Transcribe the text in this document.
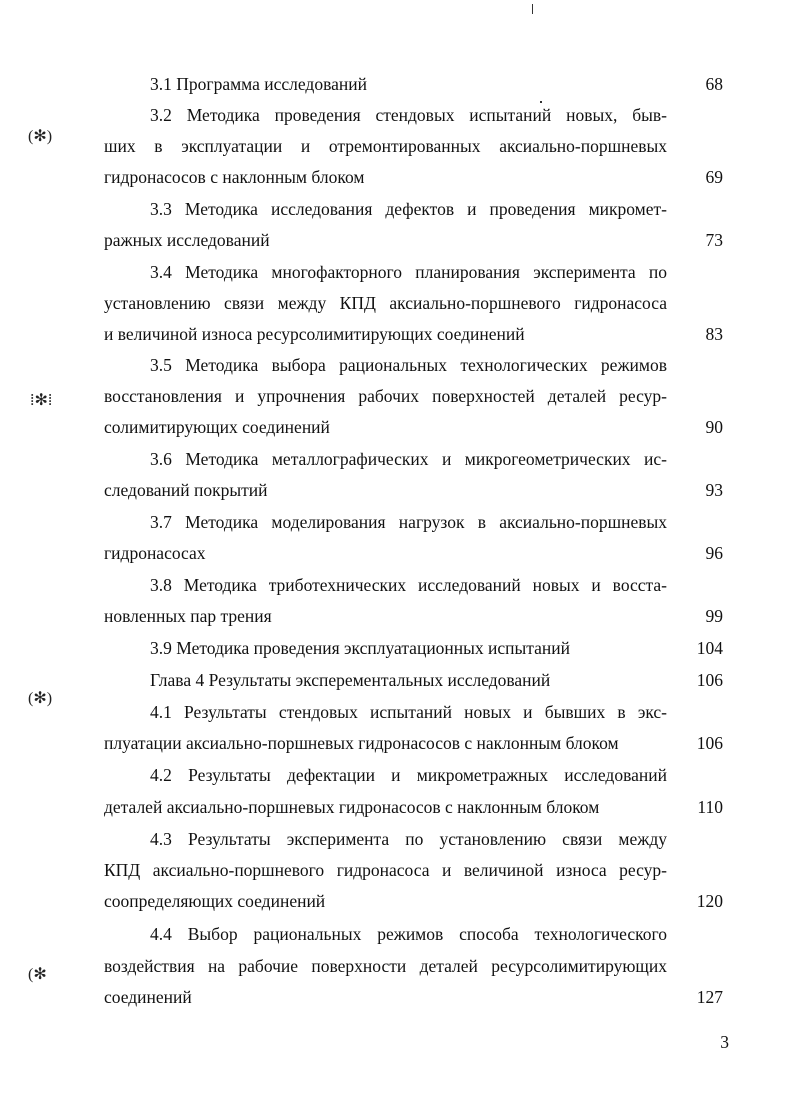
3.1 Программа исследований	68
3.2 Методика проведения стендовых испытаний новых, быв-
ших в эксплуатации и отремонтированных аксиально-поршневых
гидронасосов с наклонным блоком	69
3.3 Методика исследования дефектов и проведения микромет-
ражных исследований	73
3.4 Методика многофакторного планирования эксперимента по
установлению связи между КПД аксиально-поршневого гидронасоса
и величиной износа ресурсолимитирующих соединений	83
3.5 Методика выбора рациональных технологических режимов
восстановления и упрочнения рабочих поверхностей деталей ресур-
солимитирующих соединений	90
3.6 Методика металлографических и микрогеометрических ис-
следований покрытий	93
3.7 Методика моделирования нагрузок в аксиально-поршневых
гидронасосах	96
3.8 Методика триботехнических исследований новых и восста-
новленных пар трения	99
3.9 Методика проведения эксплуатационных испытаний	104
Глава 4 Результаты эксперементальных исследований	106
4.1 Результаты стендовых испытаний новых и бывших в экс-
плуатации аксиально-поршневых гидронасосов с наклонным блоком	106
4.2 Результаты дефектации и микрометражных исследований
деталей аксиально-поршневых гидронасосов с наклонным блоком	110
4.3 Результаты эксперимента по установлению связи между
КПД аксиально-поршневого гидронасоса и величиной износа ресур-
соопределяющих соединений	120
4.4 Выбор рациональных режимов способа технологического
воздействия на рабочие поверхности деталей ресурсолимитирующих
соединений	127
3
(✻)
⁞✻⁞
(✻)
(✻
